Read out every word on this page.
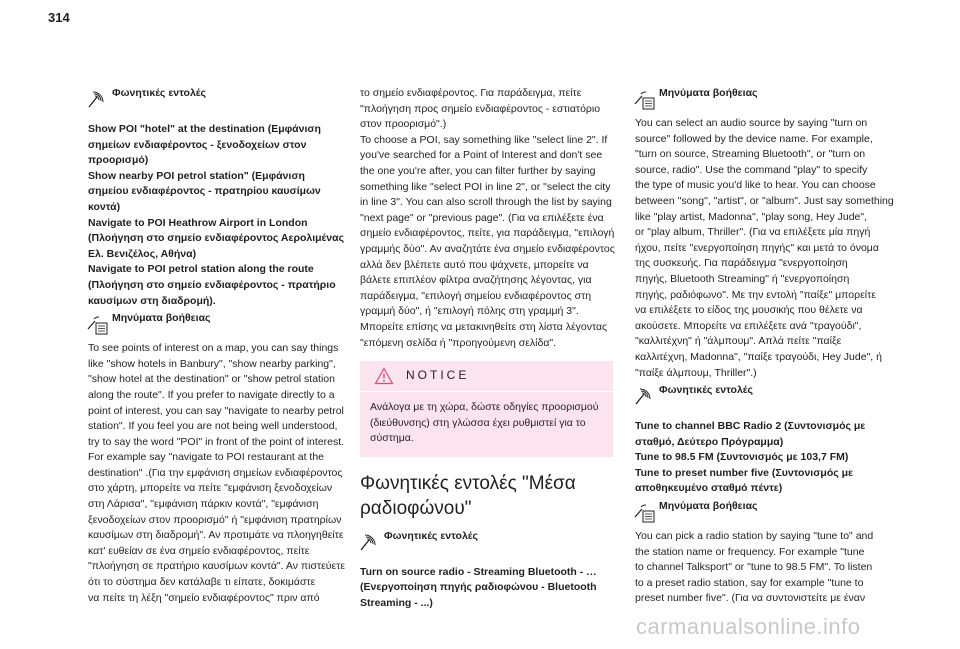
314
Φωνητικές εντολές
Show POI "hotel" at the destination (Εμφάνιση
σημείων ενδιαφέροντος - ξενοδοχείων στον
προορισμό)
Show nearby POI petrol station" (Εμφάνιση
σημείου ενδιαφέροντος - πρατηρίου καυσίμων
κοντά)
Navigate to POI Heathrow Airport in London
(Πλοήγηση στο σημείο ενδιαφέροντος Αερολιμένας
Ελ. Βενιζέλος, Αθήνα)
Navigate to POI petrol station along the route
(Πλοήγηση στο σημείο ενδιαφέροντος - πρατήριο
καυσίμων στη διαδρομή).
Μηνύματα βοήθειας
To see points of interest on a map, you can say things
like "show hotels in Banbury", "show nearby parking",
"show hotel at the destination" or "show petrol station
along the route". If you prefer to navigate directly to a
point of interest, you can say "navigate to nearby petrol
station". If you feel you are not being well understood,
try to say the word "POI" in front of the point of interest.
For example say "navigate to POI restaurant at the
destination" .(Για την εμφάνιση σημείων ενδιαφέροντος
στο χάρτη, μπορείτε να πείτε "εμφάνιση ξενοδοχείων
στη Λάρισα", "εμφάνιση πάρκιν κοντά", "εμφάνιση
ξενοδοχείων στον προορισμό" ή "εμφάνιση πρατηρίων
καυσίμων στη διαδρομή". Αν προτιμάτε να πλοηγηθείτε
κατ' ευθείαν σε ένα σημείο ενδιαφέροντος, πείτε
"πλοήγηση σε πρατήριο καυσίμων κοντά". Αν πιστεύετε
ότι το σύστημα δεν κατάλαβε τι είπατε, δοκιμάστε
να πείτε τη λέξη "σημείο ενδιαφέροντος" πριν από
το σημείο ενδιαφέροντος. Για παράδειγμα, πείτε
"πλοήγηση προς σημείο ενδιαφέροντος - εστιατόριο
στον προορισμό".)
To choose a POI, say something like "select line 2". If
you've searched for a Point of Interest and don't see
the one you're after, you can filter further by saying
something like "select POI in line 2", or "select the city
in line 3". You can also scroll through the list by saying
"next page" or "previous page". (Για να επιλέξετε ένα
σημείο ενδιαφέροντος, πείτε, για παράδειγμα, "επιλογή
γραμμής δύο". Αν αναζητάτε ένα σημείο ενδιαφέροντος
αλλά δεν βλέπετε αυτό που ψάχνετε, μπορείτε να
βάλετε επιπλέον φίλτρα αναζήτησης λέγοντας, για
παράδειγμα, "επιλογή σημείου ενδιαφέροντος στη
γραμμή δύο", ή "επιλογή πόλης στη γραμμή 3".
Μπορείτε επίσης να μετακινηθείτε στη λίστα λέγοντας
"επόμενη σελίδα ή "προηγούμενη σελίδα".
NOTICE
Ανάλογα με τη χώρα, δώστε οδηγίες προορισμού
(διεύθυνσης) στη γλώσσα έχει ρυθμιστεί για το
σύστημα.
Φωνητικές εντολές "Μέσα
ραδιοφώνου"
Φωνητικές εντολές
Turn on source radio - Streaming Bluetooth - …
(Ενεργοποίηση πηγής ραδιοφώνου - Bluetooth
Streaming - ...)
Μηνύματα βοήθειας
You can select an audio source by saying "turn on
source" followed by the device name. For example,
"turn on source, Streaming Bluetooth", or "turn on
source, radio". Use the command "play" to specify
the type of music you'd like to hear. You can choose
between "song", "artist", or "album". Just say something
like "play artist, Madonna", "play song, Hey Jude",
or "play album, Thriller". (Για να επιλέξετε μία πηγή
ήχου, πείτε "ενεργοποίηση πηγής" και μετά το όνομα
της συσκευής. Για παράδειγμα "ενεργοποίηση
πηγής, Bluetooth Streaming" ή "ενεργοποίηση
πηγής, ραδιόφωνο". Με την εντολή "παίξε" μπορείτε
να επιλέξετε το είδος της μουσικής που θέλετε να
ακούσετε. Μπορείτε να επιλέξετε ανά "τραγούδι",
"καλλιτέχνη" ή "άλμπουμ". Απλά πείτε "παίξε
καλλιτέχνη, Madonna", "παίξε τραγούδι, Hey Jude", ή
"παίξε άλμπουμ, Thriller".)
Φωνητικές εντολές
Tune to channel BBC Radio 2 (Συντονισμός με
σταθμό, Δεύτερο Πρόγραμμα)
Tune to 98.5 FM (Συντονισμός με 103,7 FM)
Tune to preset number five (Συντονισμός με
αποθηκευμένο σταθμό πέντε)
Μηνύματα βοήθειας
You can pick a radio station by saying "tune to" and
the station name or frequency. For example "tune
to channel Talksport" or "tune to 98.5 FM". To listen
to a preset radio station, say for example "tune to
preset number five". (Για να συντονιστείτε με έναν
carmanualsonline.info
